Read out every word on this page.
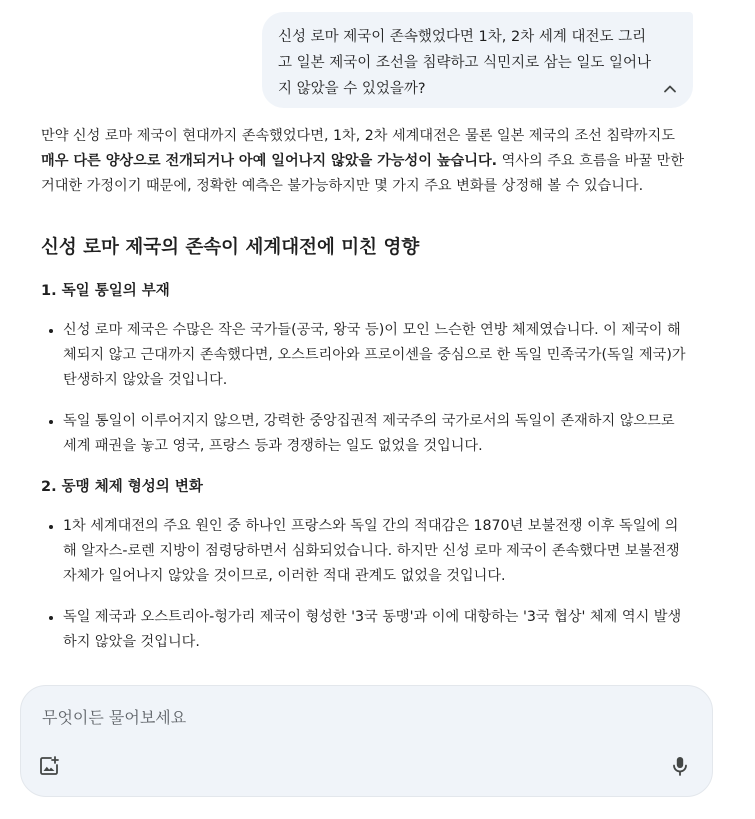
신성 로마 제국이 존속했었다면 1차, 2차 세계 대전도 그리고 일본 제국이 조선을 침략하고 식민지로 삼는 일도 일어나지 않았을 수 있었을까?

만약 신성 로마 제국이 현대까지 존속했었다면, 1차, 2차 세계대전은 물론 일본 제국의 조선 침략까지도 매우 다른 양상으로 전개되거나 아예 일어나지 않았을 가능성이 높습니다. 역사의 주요 흐름을 바꿀 만한 거대한 가정이기 때문에, 정확한 예측은 불가능하지만 몇 가지 주요 변화를 상정해 볼 수 있습니다.

신성 로마 제국의 존속이 세계대전에 미친 영향
1. 독일 통일의 부재
• 신성 로마 제국은 수많은 작은 국가들(공국, 왕국 등)이 모인 느슨한 연방 체제였습니다. 이 제국이 해체되지 않고 근대까지 존속했다면, 오스트리아와 프로이센을 중심으로 한 독일 민족국가(독일 제국)가 탄생하지 않았을 것입니다.
• 독일 통일이 이루어지지 않으면, 강력한 중앙집권적 제국주의 국가로서의 독일이 존재하지 않으므로 세계 패권을 놓고 영국, 프랑스 등과 경쟁하는 일도 없었을 것입니다.
2. 동맹 체제 형성의 변화
• 1차 세계대전의 주요 원인 중 하나인 프랑스와 독일 간의 적대감은 1870년 보불전쟁 이후 독일에 의해 알자스-로렌 지방이 점령당하면서 심화되었습니다. 하지만 신성 로마 제국이 존속했다면 보불전쟁 자체가 일어나지 않았을 것이므로, 이러한 적대 관계도 없었을 것입니다.
• 독일 제국과 오스트리아-헝가리 제국이 형성한 '3국 동맹'과 이에 대항하는 '3국 협상' 체제 역시 발생하지 않았을 것입니다.
무엇이든 물어보세요
